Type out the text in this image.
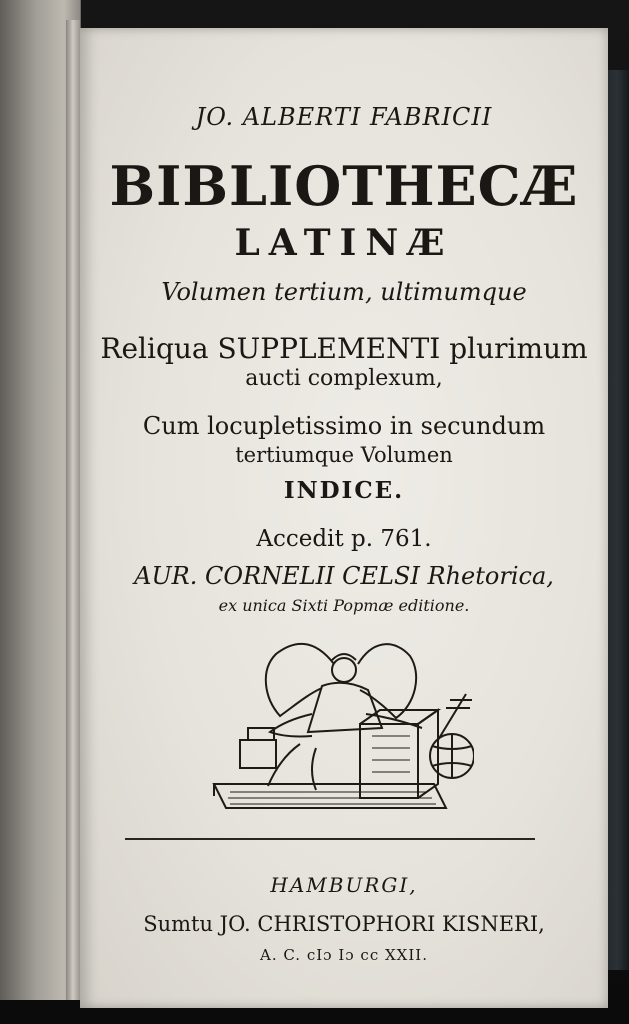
JO. ALBERTI FABRICII
BIBLIOTHECÆ
LATINÆ
Volumen tertium, ultimumque
Reliqua SUPPLEMENTI plurimum
aucti complexum,
Cum locupletissimo in secundum
tertiumque Volumen
INDICE.
Accedit p. 761.
AUR. CORNELII CELSI Rhetorica,
ex unica Sixti Popmæ editione.
HAMBURGI,
Sumtu JO. CHRISTOPHORI KISNERI,
A. C. cIɔ Iɔ cc XXII.
